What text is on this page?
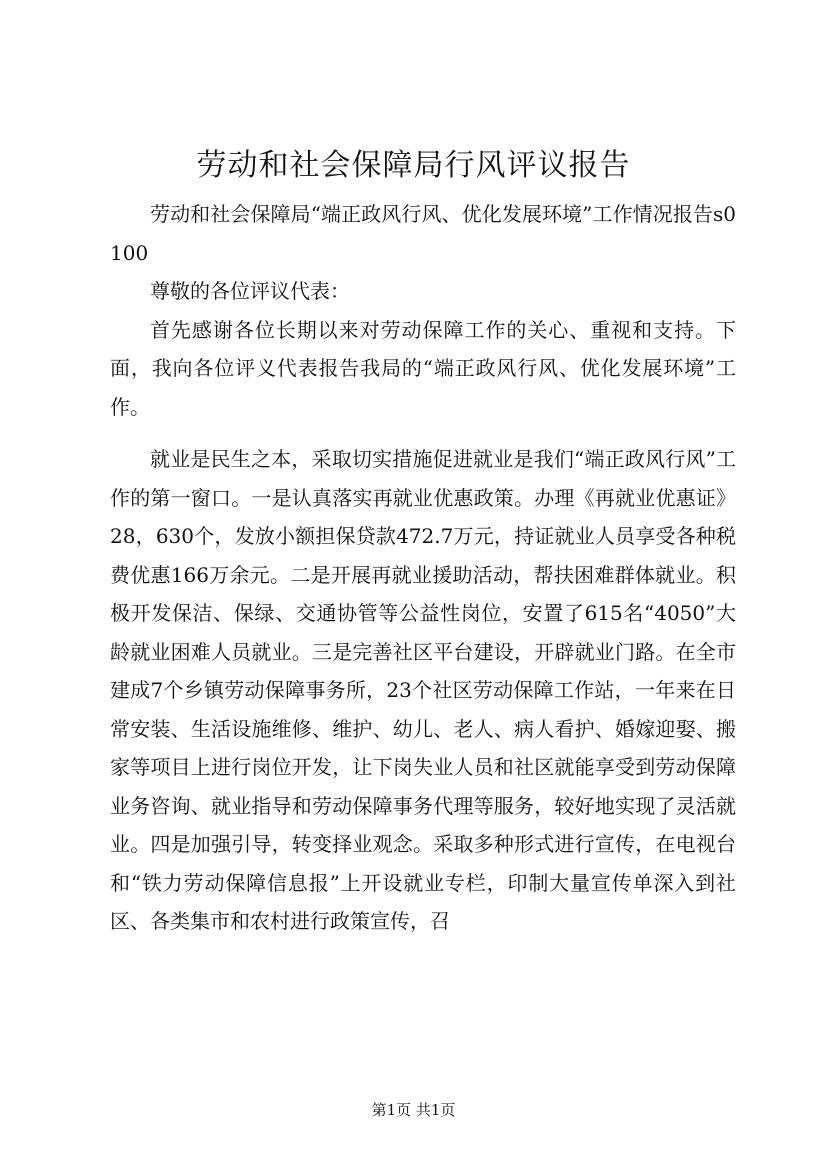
劳动和社会保障局行风评议报告

劳动和社会保障局“端正政风行风、优化发展环境”工作情况报告s0100

尊敬的各位评议代表：

首先感谢各位长期以来对劳动保障工作的关心、重视和支持。下面，我向各位评义代表报告我局的“端正政风行风、优化发展环境”工作。

就业是民生之本，采取切实措施促进就业是我们“端正政风行风”工作的第一窗口。一是认真落实再就业优惠政策。办理《再就业优惠证》28，630个，发放小额担保贷款472.7万元，持证就业人员享受各种税费优惠166万余元。二是开展再就业援助活动，帮扶困难群体就业。积极开发保洁、保绿、交通协管等公益性岗位，安置了615名“4050”大龄就业困难人员就业。三是完善社区平台建设，开辟就业门路。在全市建成7个乡镇劳动保障事务所，23个社区劳动保障工作站，一年来在日常安装、生活设施维修、维护、幼儿、老人、病人看护、婚嫁迎娶、搬家等项目上进行岗位开发，让下岗失业人员和社区就能享受到劳动保障业务咨询、就业指导和劳动保障事务代理等服务，较好地实现了灵活就业。四是加强引导，转变择业观念。采取多种形式进行宣传，在电视台和“铁力劳动保障信息报”上开设就业专栏，印制大量宣传单深入到社区、各类集市和农村进行政策宣传，召

第1页 共1页
